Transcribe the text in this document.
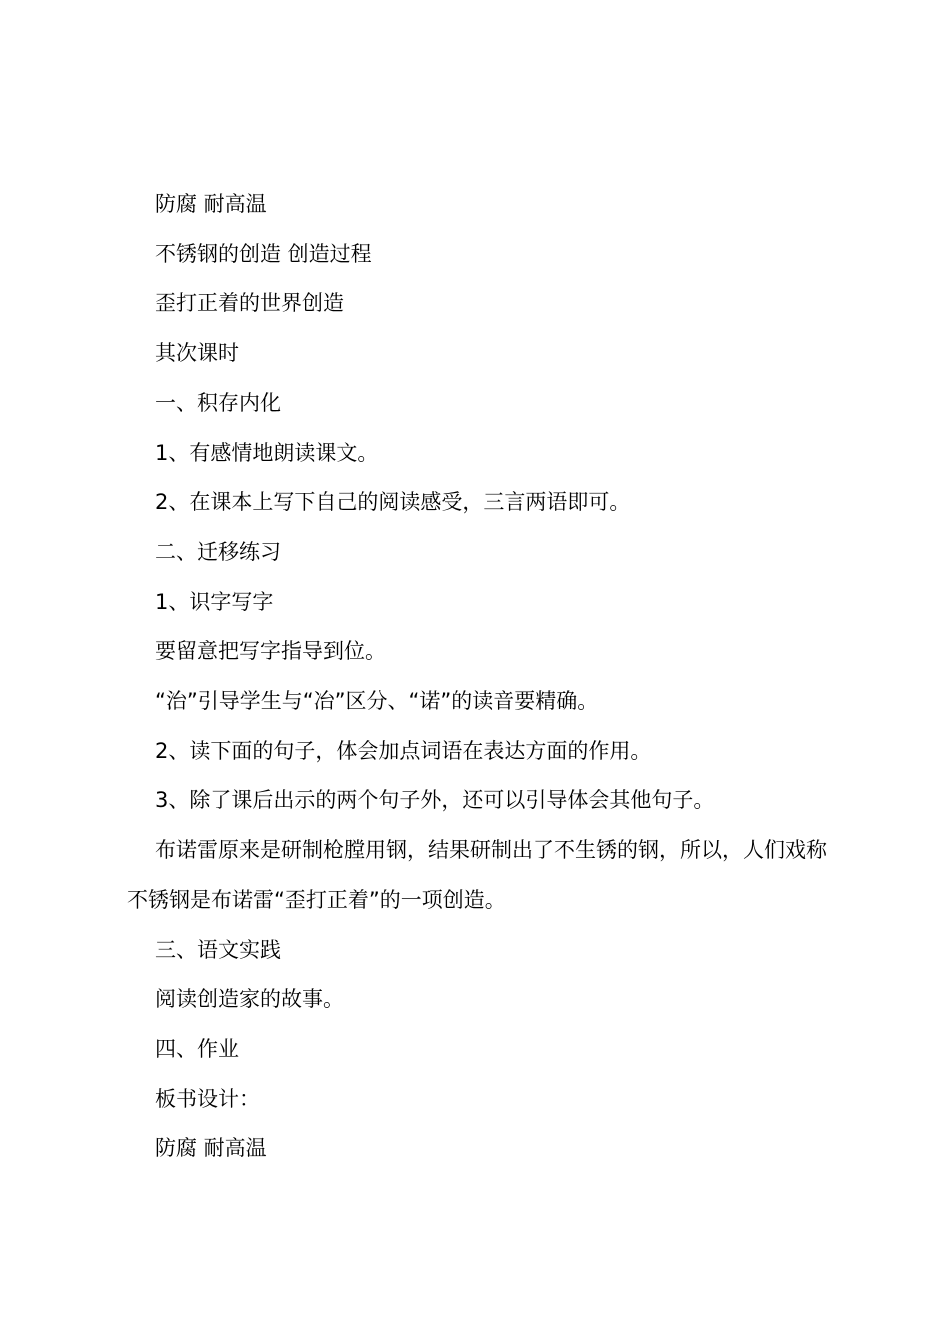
防腐 耐高温

不锈钢的创造 创造过程

歪打正着的世界创造

其次课时

一、积存内化

1、有感情地朗读课文。

2、在课本上写下自己的阅读感受，三言两语即可。

二、迁移练习

1、识字写字

要留意把写字指导到位。

“治”引导学生与“冶”区分、“诺”的读音要精确。

2、读下面的句子，体会加点词语在表达方面的作用。

3、除了课后出示的两个句子外，还可以引导体会其他句子。

布诺雷原来是研制枪膛用钢，结果研制出了不生锈的钢，所以，人们戏称不锈钢是布诺雷“歪打正着”的一项创造。

三、语文实践

阅读创造家的故事。

四、作业

板书设计：

防腐 耐高温
